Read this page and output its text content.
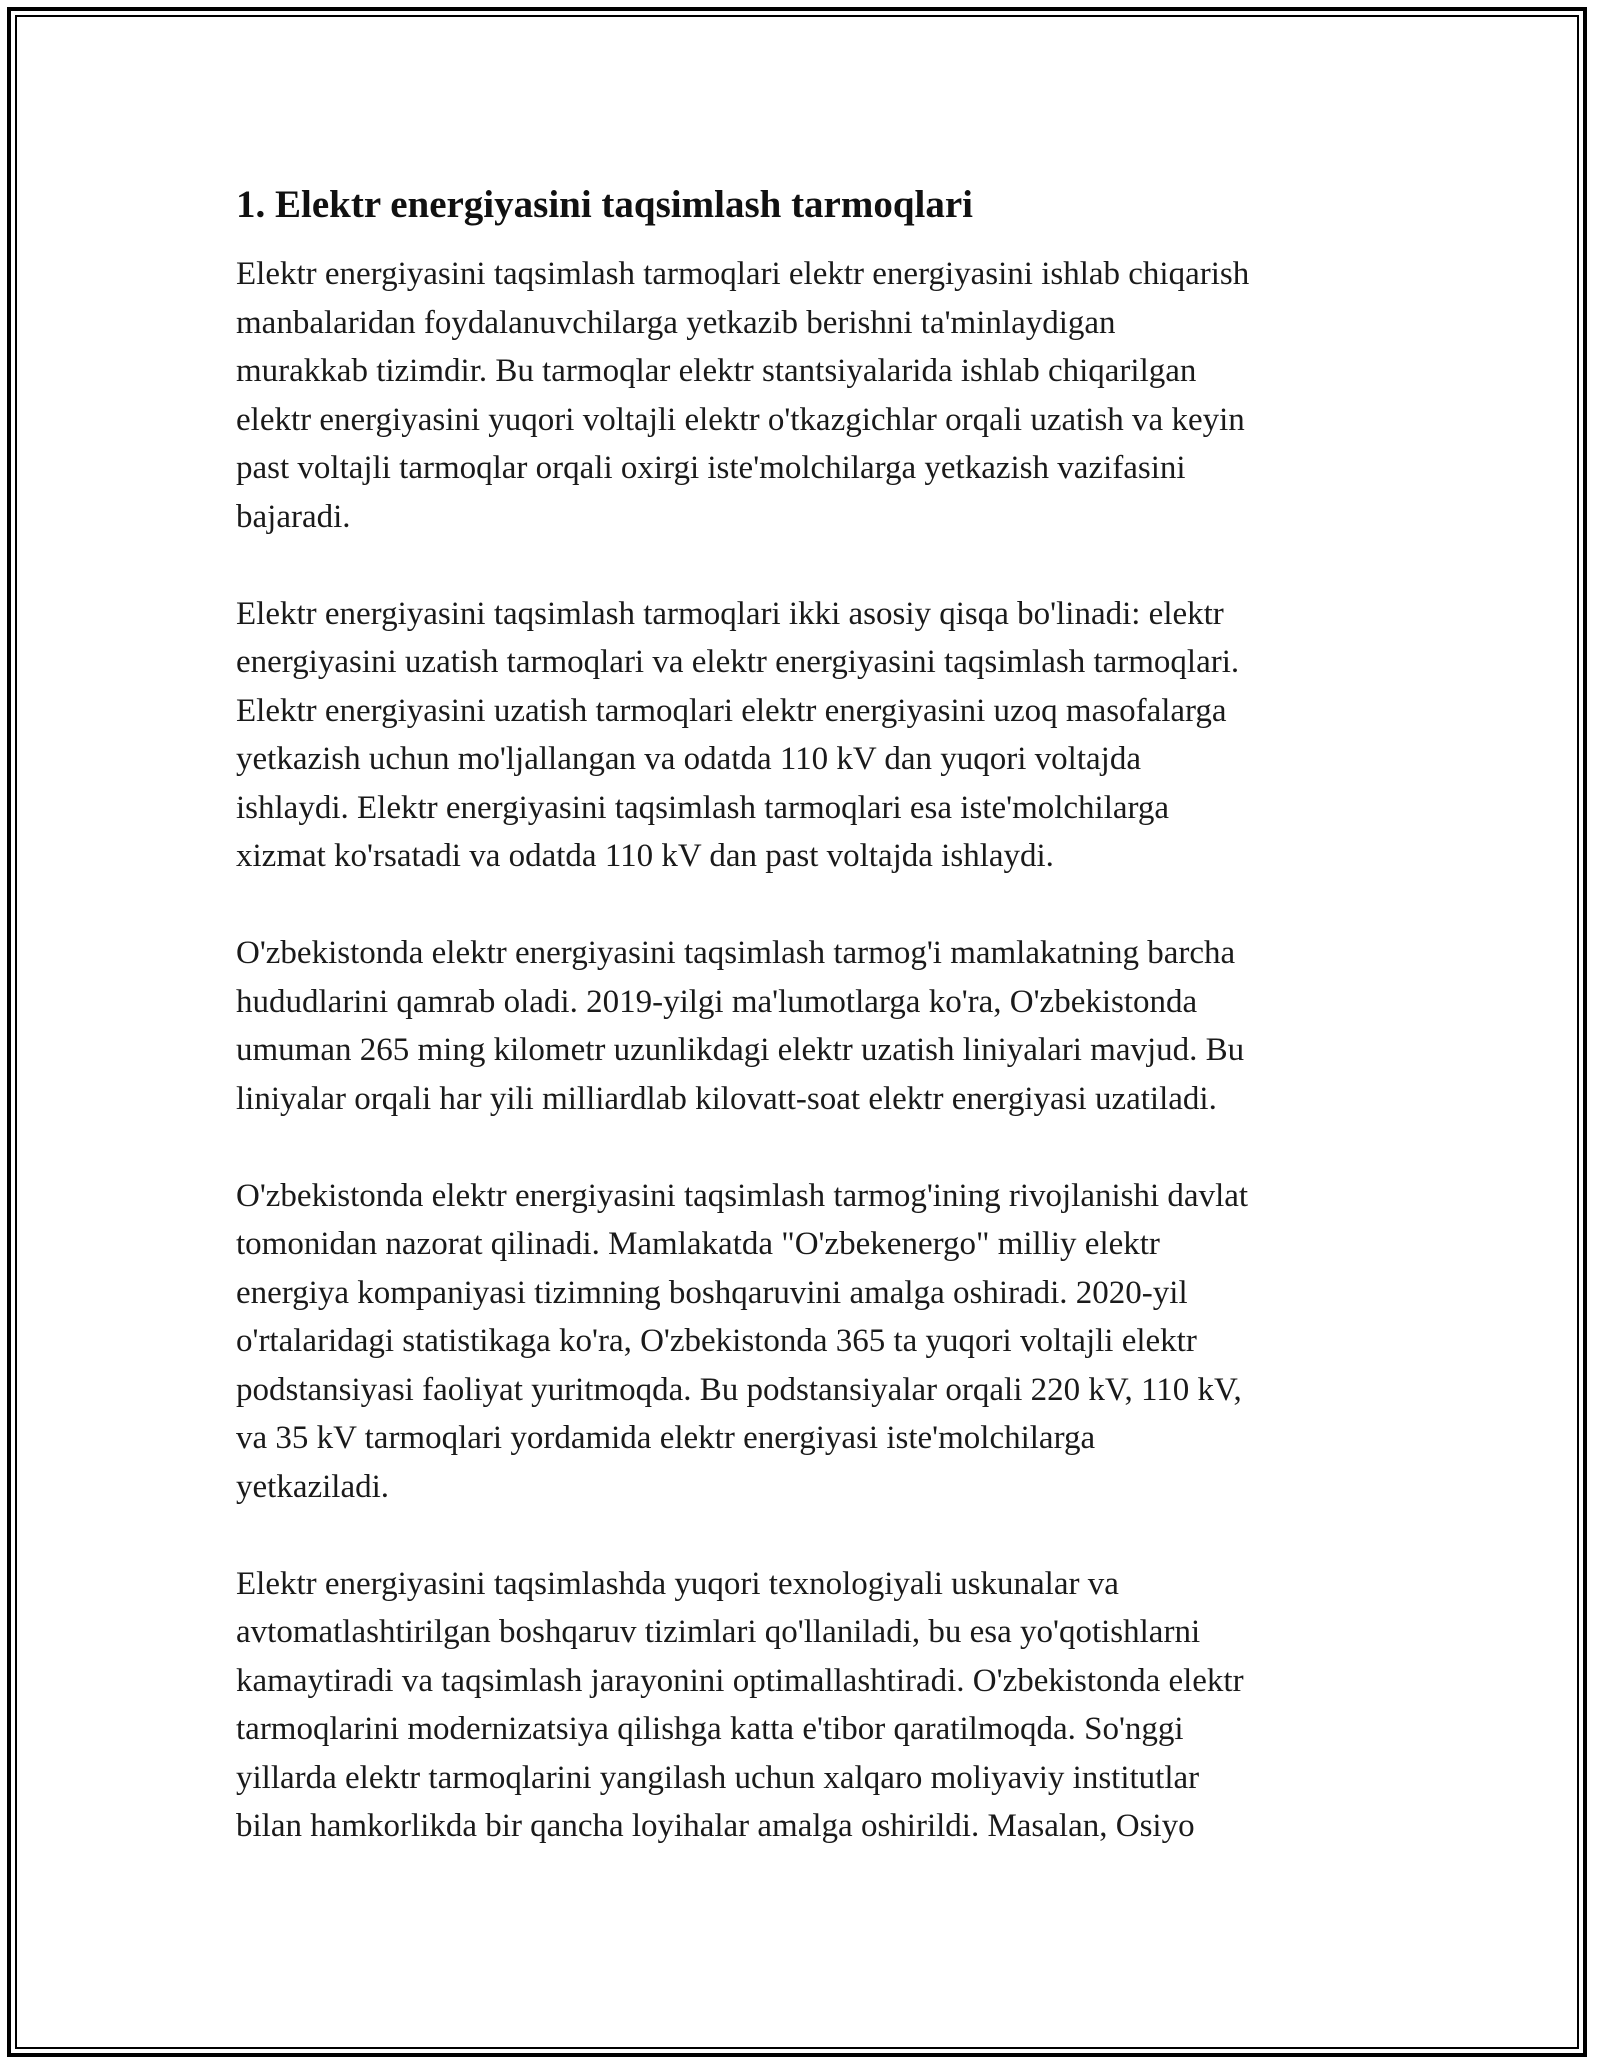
1. Elektr energiyasini taqsimlash tarmoqlari
Elektr energiyasini taqsimlash tarmoqlari elektr energiyasini ishlab chiqarish
manbalaridan foydalanuvchilarga yetkazib berishni ta'minlaydigan
murakkab tizimdir. Bu tarmoqlar elektr stantsiyalarida ishlab chiqarilgan
elektr energiyasini yuqori voltajli elektr o'tkazgichlar orqali uzatish va keyin
past voltajli tarmoqlar orqali oxirgi iste'molchilarga yetkazish vazifasini
bajaradi.
Elektr energiyasini taqsimlash tarmoqlari ikki asosiy qisqa bo'linadi: elektr
energiyasini uzatish tarmoqlari va elektr energiyasini taqsimlash tarmoqlari.
Elektr energiyasini uzatish tarmoqlari elektr energiyasini uzoq masofalarga
yetkazish uchun mo'ljallangan va odatda 110 kV dan yuqori voltajda
ishlaydi. Elektr energiyasini taqsimlash tarmoqlari esa iste'molchilarga
xizmat ko'rsatadi va odatda 110 kV dan past voltajda ishlaydi.
O'zbekistonda elektr energiyasini taqsimlash tarmog'i mamlakatning barcha
hududlarini qamrab oladi. 2019-yilgi ma'lumotlarga ko'ra, O'zbekistonda
umuman 265 ming kilometr uzunlikdagi elektr uzatish liniyalari mavjud. Bu
liniyalar orqali har yili milliardlab kilovatt-soat elektr energiyasi uzatiladi.
O'zbekistonda elektr energiyasini taqsimlash tarmog'ining rivojlanishi davlat
tomonidan nazorat qilinadi. Mamlakatda "O'zbekenergo" milliy elektr
energiya kompaniyasi tizimning boshqaruvini amalga oshiradi. 2020-yil
o'rtalaridagi statistikaga ko'ra, O'zbekistonda 365 ta yuqori voltajli elektr
podstansiyasi faoliyat yuritmoqda. Bu podstansiyalar orqali 220 kV, 110 kV,
va 35 kV tarmoqlari yordamida elektr energiyasi iste'molchilarga
yetkaziladi.
Elektr energiyasini taqsimlashda yuqori texnologiyali uskunalar va
avtomatlashtirilgan boshqaruv tizimlari qo'llaniladi, bu esa yo'qotishlarni
kamaytiradi va taqsimlash jarayonini optimallashtiradi. O'zbekistonda elektr
tarmoqlarini modernizatsiya qilishga katta e'tibor qaratilmoqda. So'nggi
yillarda elektr tarmoqlarini yangilash uchun xalqaro moliyaviy institutlar
bilan hamkorlikda bir qancha loyihalar amalga oshirildi. Masalan, Osiyo
